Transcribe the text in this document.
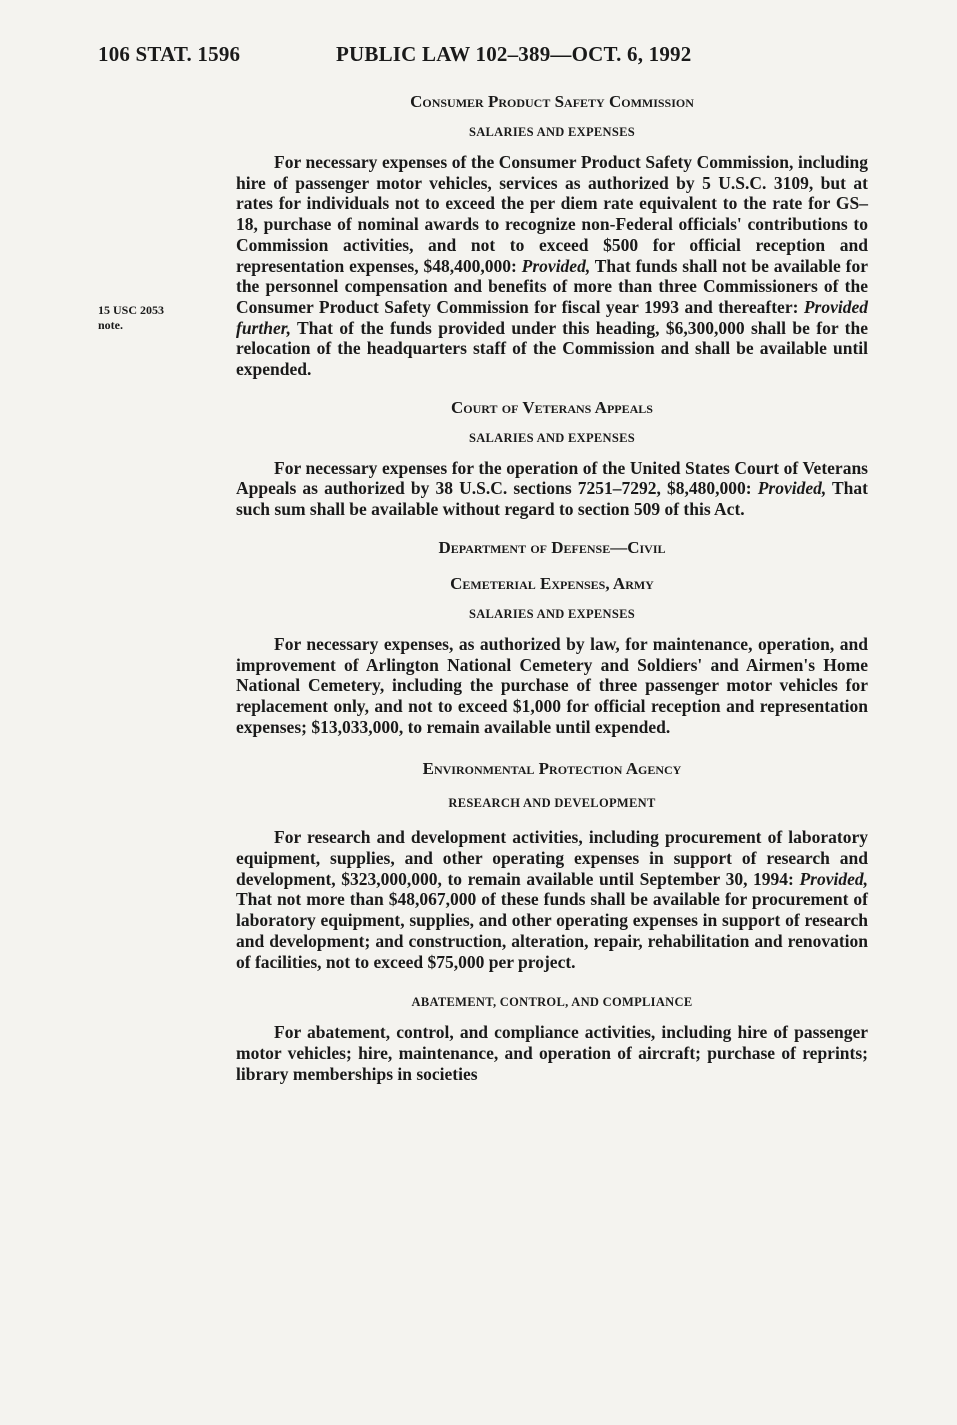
106 STAT. 1596	PUBLIC LAW 102–389—OCT. 6, 1992
15 USC 2053
note.

Consumer Product Safety Commission

SALARIES AND EXPENSES

For necessary expenses of the Consumer Product Safety Commission, including hire of passenger motor vehicles, services as authorized by 5 U.S.C. 3109, but at rates for individuals not to exceed the per diem rate equivalent to the rate for GS–18, purchase of nominal awards to recognize non-Federal officials' contributions to Commission activities, and not to exceed $500 for official reception and representation expenses, $48,400,000: Provided, That funds shall not be available for the personnel compensation and benefits of more than three Commissioners of the Consumer Product Safety Commission for fiscal year 1993 and thereafter: Provided further, That of the funds provided under this heading, $6,300,000 shall be for the relocation of the headquarters staff of the Commission and shall be available until expended.

Court of Veterans Appeals

SALARIES AND EXPENSES

For necessary expenses for the operation of the United States Court of Veterans Appeals as authorized by 38 U.S.C. sections 7251–7292, $8,480,000: Provided, That such sum shall be available without regard to section 509 of this Act.

Department of Defense—Civil

Cemeterial Expenses, Army

SALARIES AND EXPENSES

For necessary expenses, as authorized by law, for maintenance, operation, and improvement of Arlington National Cemetery and Soldiers' and Airmen's Home National Cemetery, including the purchase of three passenger motor vehicles for replacement only, and not to exceed $1,000 for official reception and representation expenses; $13,033,000, to remain available until expended.

Environmental Protection Agency

RESEARCH AND DEVELOPMENT

For research and development activities, including procurement of laboratory equipment, supplies, and other operating expenses in support of research and development, $323,000,000, to remain available until September 30, 1994: Provided, That not more than $48,067,000 of these funds shall be available for procurement of laboratory equipment, supplies, and other operating expenses in support of research and development; and construction, alteration, repair, rehabilitation and renovation of facilities, not to exceed $75,000 per project.

ABATEMENT, CONTROL, AND COMPLIANCE

For abatement, control, and compliance activities, including hire of passenger motor vehicles; hire, maintenance, and operation of aircraft; purchase of reprints; library memberships in societies
